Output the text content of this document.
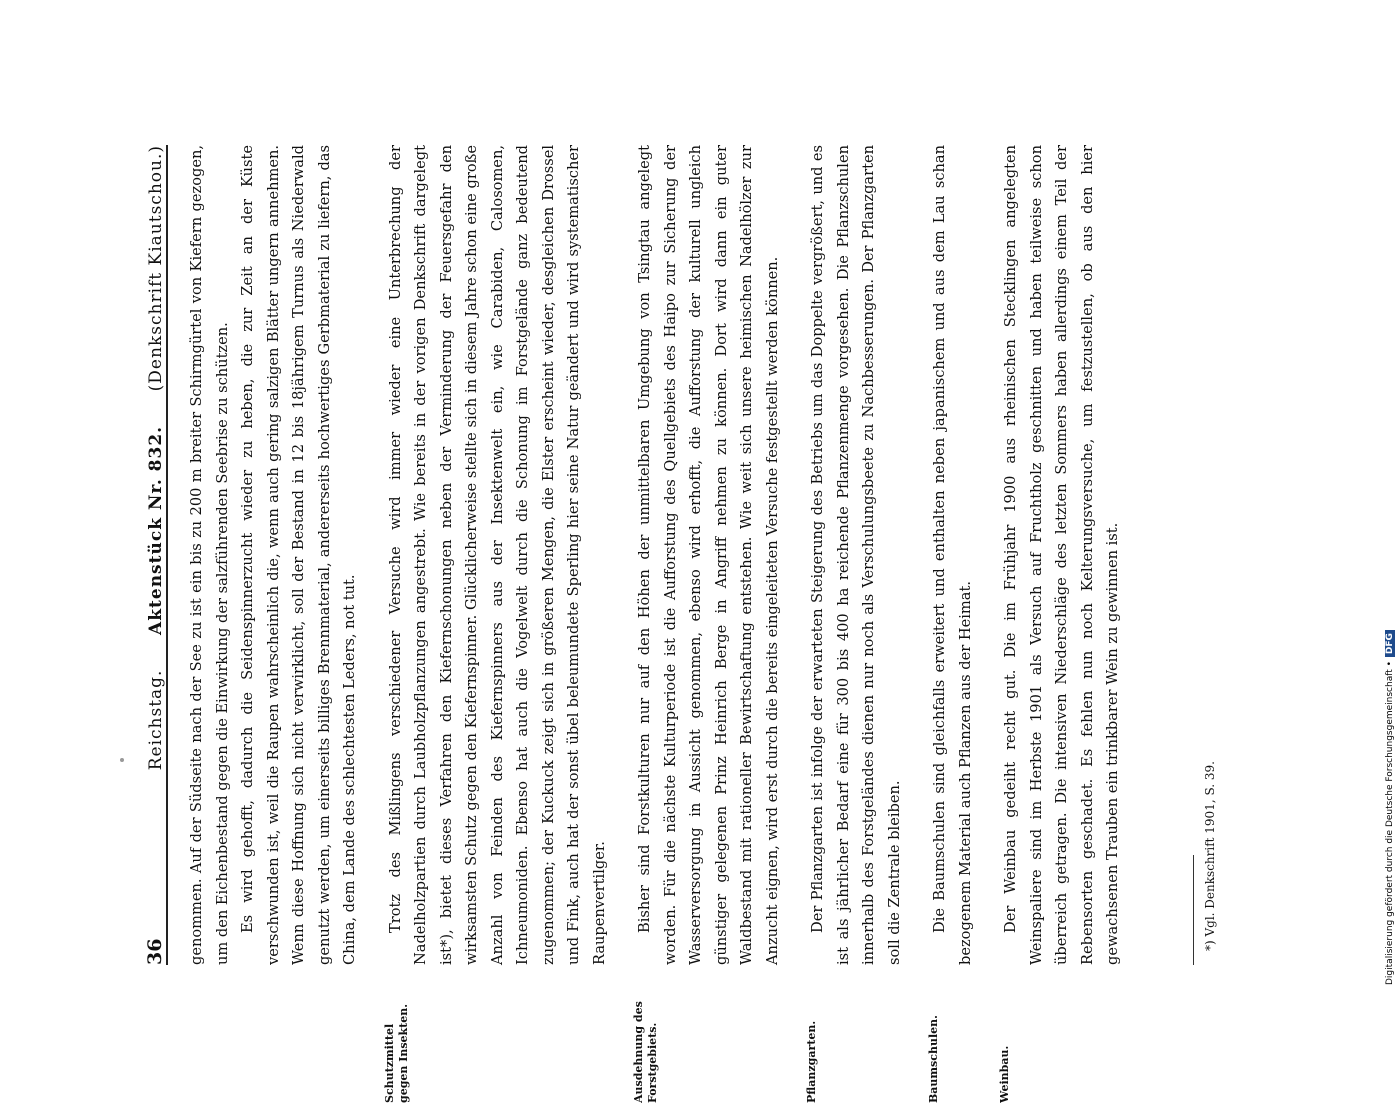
36
Reichstag.     Aktenstück Nr. 832.     (Denkschrift Kiautschou.) genommen. Auf der Südseite nach der See zu ist ein bis zu 200 m breiter Schirmgürtel von Kiefern gezogen, um den Eichenbestand gegen die Einwirkung der salzführenden Seebrise zu schützen. Es wird gehofft, dadurch die Seidenspinnerzucht wieder zu heben, die zur Zeit an der Küste verschwunden ist, weil die Raupen wahrscheinlich die, wenn auch gering salzigen Blätter ungern annehmen. Wenn diese Hoffnung sich nicht verwirklicht, soll der Bestand in 12 bis 18jährigem Turnus als Niederwald genutzt werden, um einerseits billiges Brennmaterial, andererseits hochwertiges Gerbmaterial zu liefern, das China, dem Lande des schlechtesten Leders, not tut.

Schutzmittel gegen Insekten.

Trotz des Mißlingens verschiedener Versuche wird immer wieder eine Unterbrechung der Nadelholzpartien durch Laubholzpflanzungen angestrebt. Wie bereits in der vorigen Denkschrift dargelegt ist*), bietet dieses Verfahren den Kiefernschonungen neben der Verminderung der Feuersgefahr den wirksamsten Schutz gegen den Kiefernspinner. Glücklicherweise stellte sich in diesem Jahre schon eine große Anzahl von Feinden des Kiefernspinners aus der Insektenwelt ein, wie Carabiden, Calosomen, Ichneumoniden. Ebenso hat auch die Vogelwelt durch die Schonung im Forstgelände ganz bedeutend zugenommen; der Kuckuck zeigt sich in größeren Mengen, die Elster erscheint wieder, desgleichen Drossel und Fink, auch hat der sonst übel beleumundete Sperling hier seine Natur geändert und wird systematischer Raupenvertilger.

Ausdehnung des Forstgebiets.

Bisher sind Forstkulturen nur auf den Höhen der unmittelbaren Umgebung von Tsingtau angelegt worden. Für die nächste Kulturperiode ist die Aufforstung des Quellgebiets des Haipo zur Sicherung der Wasserversorgung in Aussicht genommen, ebenso wird erhofft, die Aufforstung der kulturell ungleich günstiger gelegenen Prinz Heinrich Berge in Angriff nehmen zu können. Dort wird dann ein guter Waldbestand mit rationeller Bewirtschaftung entstehen. Wie weit sich unsere heimischen Nadelhölzer zur Anzucht eignen, wird erst durch die bereits eingeleiteten Versuche festgestellt werden können.

Pflanzgarten.

Der Pflanzgarten ist infolge der erwarteten Steigerung des Betriebs um das Doppelte vergrößert, und es ist als jährlicher Bedarf eine für 300 bis 400 ha reichende Pflanzenmenge vorgesehen. Die Pflanzschulen innerhalb des Forstgeländes dienen nur noch als Verschulungsbeete zu Nachbesserungen. Der Pflanzgarten soll die Zentrale bleiben.

Baumschulen.

Die Baumschulen sind gleichfalls erweitert und enthalten neben japanischem und aus dem Lau schan bezogenem Material auch Pflanzen aus der Heimat.

Weinbau.

Der Weinbau gedeiht recht gut. Die im Frühjahr 1900 aus rheinischen Stecklingen angelegten Weinspaliere sind im Herbste 1901 als Versuch auf Fruchtholz geschnitten und haben teilweise schon überreich getragen. Die intensiven Niederschläge des letzten Sommers haben allerdings einem Teil der Rebensorten geschadet. Es fehlen nun noch Kelterungsversuche, um festzustellen, ob aus den hier gewachsenen Trauben ein trinkbarer Wein zu gewinnen ist.	*) Vgl. Denkschrift 1901, S. 39.	Digitalisierung gefördert durch die Deutsche Forschungsgemeinschaft •DFG
